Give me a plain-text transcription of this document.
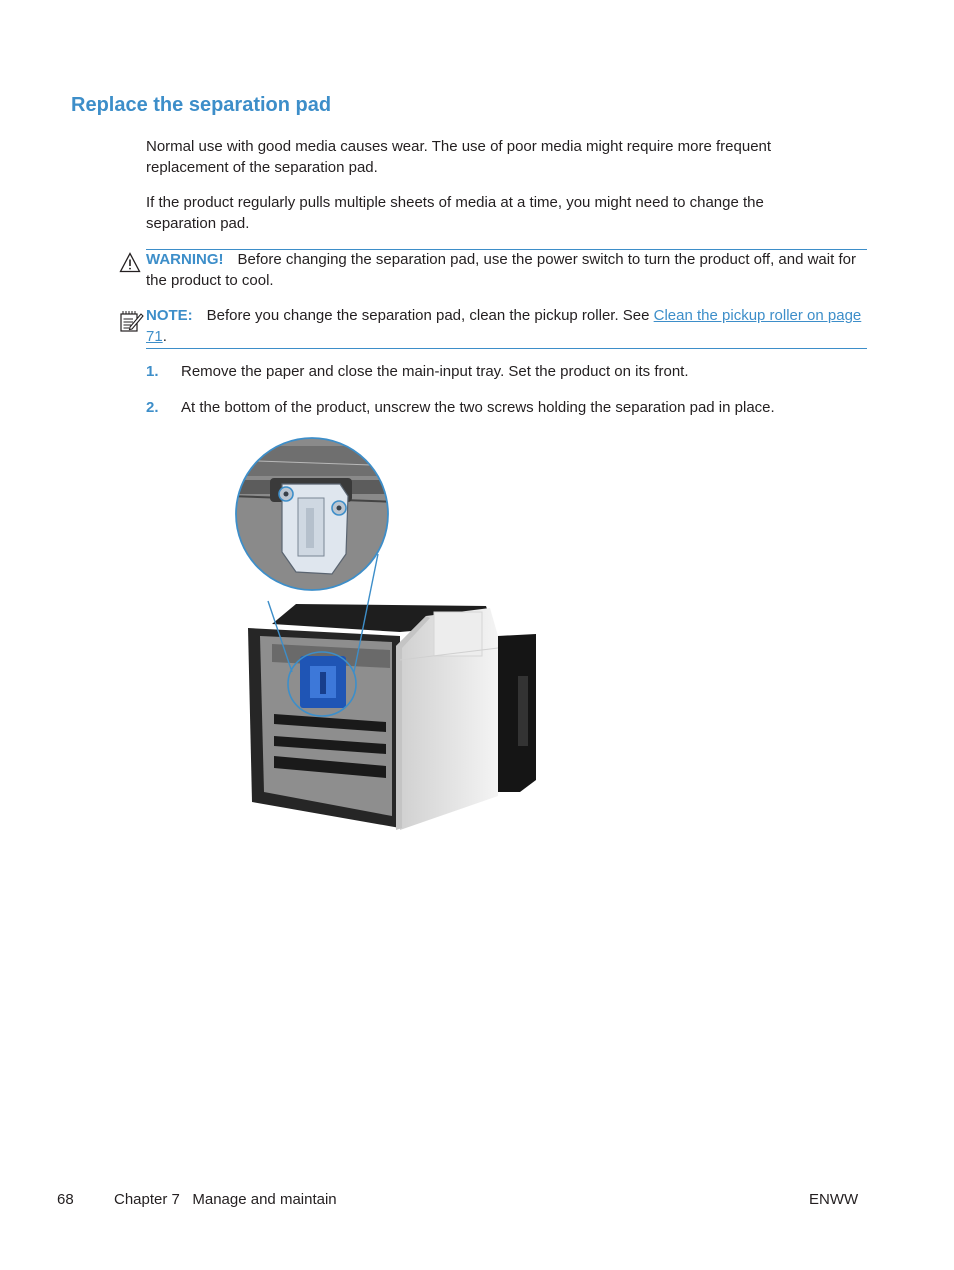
Replace the separation pad

Normal use with good media causes wear. The use of poor media might require more frequent replacement of the separation pad.

If the product regularly pulls multiple sheets of media at a time, you might need to change the separation pad.

WARNING! Before changing the separation pad, use the power switch to turn the product off, and wait for the product to cool.

NOTE: Before you change the separation pad, clean the pickup roller. See Clean the pickup roller on page 71.

1. Remove the paper and close the main-input tray. Set the product on its front.
2. At the bottom of the product, unscrew the two screws holding the separation pad in place.
68	Chapter 7   Manage and maintain	ENWW
